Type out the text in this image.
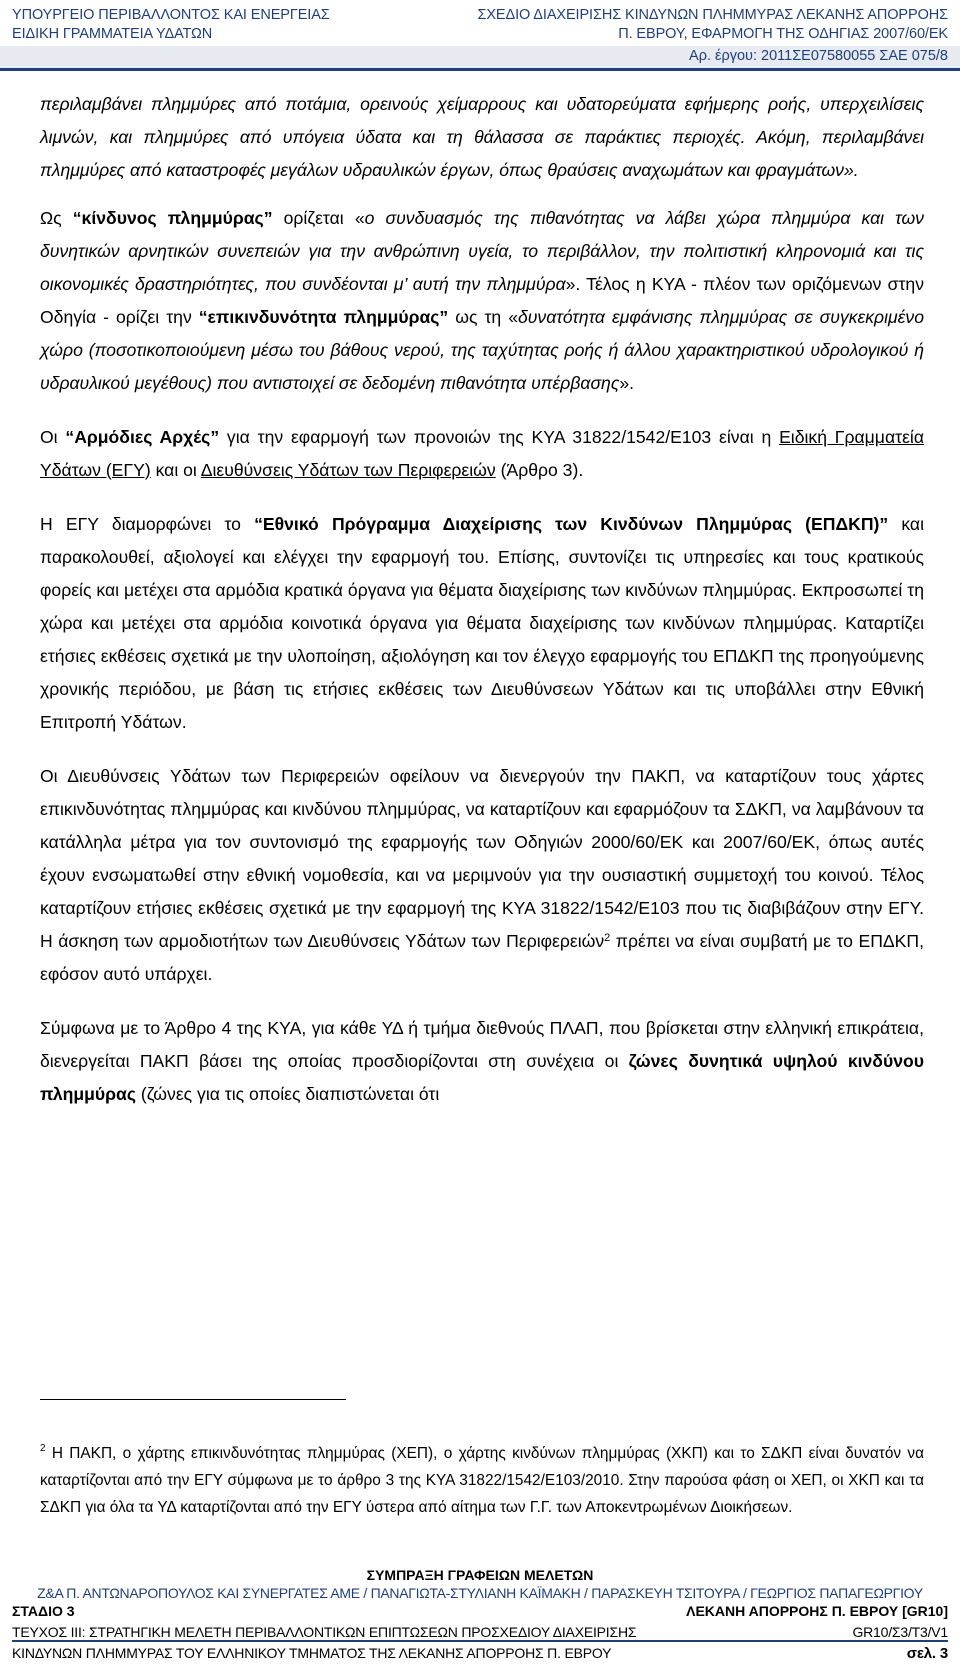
ΥΠΟΥΡΓΕΙΟ ΠΕΡΙΒΑΛΛΟΝΤΟΣ ΚΑΙ ΕΝΕΡΓΕΙΑΣ	ΣΧΕΔΙΟ ΔΙΑΧΕΙΡΙΣΗΣ ΚΙΝΔΥΝΩΝ ΠΛΗΜΜΥΡΑΣ ΛΕΚΑΝΗΣ ΑΠΟΡΡΟΗΣ
ΕΙΔΙΚΗ ΓΡΑΜΜΑΤΕΙΑ ΥΔΑΤΩΝ	Π. ΕΒΡΟΥ, ΕΦΑΡΜΟΓΗ ΤΗΣ ΟΔΗΓΙΑΣ 2007/60/ΕΚ
Αρ. έργου: 2011ΣΕ07580055 ΣΑΕ 075/8

περιλαμβάνει πλημμύρες από ποτάμια, ορεινούς χείμαρρους και υδατορεύματα εφήμερης ροής, υπερχειλίσεις λιμνών, και πλημμύρες από υπόγεια ύδατα και τη θάλασσα σε παράκτιες περιοχές. Ακόμη, περιλαμβάνει πλημμύρες από καταστροφές μεγάλων υδραυλικών έργων, όπως θραύσεις αναχωμάτων και φραγμάτων».

Ως “κίνδυνος πλημμύρας” ορίζεται «ο συνδυασμός της πιθανότητας να λάβει χώρα πλημμύρα και των δυνητικών αρνητικών συνεπειών για την ανθρώπινη υγεία, το περιβάλλον, την πολιτιστική κληρονομιά και τις οικονομικές δραστηριότητες, που συνδέονται μ’ αυτή την πλημμύρα». Τέλος η ΚΥΑ - πλέον των οριζόμενων στην Οδηγία - ορίζει την “επικινδυνότητα πλημμύρας” ως τη «δυνατότητα εμφάνισης πλημμύρας σε συγκεκριμένο χώρο (ποσοτικοποιούμενη μέσω του βάθους νερού, της ταχύτητας ροής ή άλλου χαρακτηριστικού υδρολογικού ή υδραυλικού μεγέθους) που αντιστοιχεί σε δεδομένη πιθανότητα υπέρβασης».

Οι “Αρμόδιες Αρχές” για την εφαρμογή των προνοιών της ΚΥΑ 31822/1542/Ε103 είναι η Ειδική Γραμματεία Υδάτων (ΕΓΥ) και οι Διευθύνσεις Υδάτων των Περιφερειών (Άρθρο 3).

Η ΕΓΥ διαμορφώνει το “Εθνικό Πρόγραμμα Διαχείρισης των Κινδύνων Πλημμύρας (ΕΠΔΚΠ)” και παρακολουθεί, αξιολογεί και ελέγχει την εφαρμογή του. Επίσης, συντονίζει τις υπηρεσίες και τους κρατικούς φορείς και μετέχει στα αρμόδια κρατικά όργανα για θέματα διαχείρισης των κινδύνων πλημμύρας. Εκπροσωπεί τη χώρα και μετέχει στα αρμόδια κοινοτικά όργανα για θέματα διαχείρισης των κινδύνων πλημμύρας. Καταρτίζει ετήσιες εκθέσεις σχετικά με την υλοποίηση, αξιολόγηση και τον έλεγχο εφαρμογής του ΕΠΔΚΠ της προηγούμενης χρονικής περιόδου, με βάση τις ετήσιες εκθέσεις των Διευθύνσεων Υδάτων και τις υποβάλλει στην Εθνική Επιτροπή Υδάτων.

Οι Διευθύνσεις Υδάτων των Περιφερειών οφείλουν να διενεργούν την ΠΑΚΠ, να καταρτίζουν τους χάρτες επικινδυνότητας πλημμύρας και κινδύνου πλημμύρας, να καταρτίζουν και εφαρμόζουν τα ΣΔΚΠ, να λαμβάνουν τα κατάλληλα μέτρα για τον συντονισμό της εφαρμογής των Οδηγιών 2000/60/ΕΚ και 2007/60/ΕΚ, όπως αυτές έχουν ενσωματωθεί στην εθνική νομοθεσία, και να μεριμνούν για την ουσιαστική συμμετοχή του κοινού. Τέλος καταρτίζουν ετήσιες εκθέσεις σχετικά με την εφαρμογή της ΚΥΑ 31822/1542/Ε103 που τις διαβιβάζουν στην ΕΓΥ. Η άσκηση των αρμοδιοτήτων των Διευθύνσεις Υδάτων των Περιφερειών$^2$ πρέπει να είναι συμβατή με το ΕΠΔΚΠ, εφόσον αυτό υπάρχει.

Σύμφωνα με το Άρθρο 4 της ΚΥΑ, για κάθε ΥΔ ή τμήμα διεθνούς ΠΛΑΠ, που βρίσκεται στην ελληνική επικράτεια, διενεργείται ΠΑΚΠ βάσει της οποίας προσδιορίζονται στη συνέχεια οι ζώνες δυνητικά υψηλού κινδύνου πλημμύρας (ζώνες για τις οποίες διαπιστώνεται ότι

$^2$ Η ΠΑΚΠ, ο χάρτης επικινδυνότητας πλημμύρας (ΧΕΠ), ο χάρτης κινδύνων πλημμύρας (ΧΚΠ) και το ΣΔΚΠ είναι δυνατόν να καταρτίζονται από την ΕΓΥ σύμφωνα με το άρθρο 3 της ΚΥΑ 31822/1542/Ε103/2010. Στην παρούσα φάση οι ΧΕΠ, οι ΧΚΠ και τα ΣΔΚΠ για όλα τα ΥΔ καταρτίζονται από την ΕΓΥ ύστερα από αίτημα των Γ.Γ. των Αποκεντρωμένων Διοικήσεων.
ΣΥΜΠΡΑΞΗ ΓΡΑΦΕΙΩΝ ΜΕΛΕΤΩΝ
Z&A Π. ΑΝΤΩΝΑΡΟΠΟΥΛΟΣ ΚΑΙ ΣΥΝΕΡΓΑΤΕΣ ΑΜΕ / ΠΑΝΑΓΙΩΤΑ-ΣΤΥΛΙΑΝΗ ΚΑΪΜΑΚΗ / ΠΑΡΑΣΚΕΥΗ ΤΣΙΤΟΥΡΑ / ΓΕΩΡΓΙΟΣ ΠΑΠΑΓΕΩΡΓΙΟΥ
ΣΤΑΔΙΟ 3	ΛΕΚΑΝΗ ΑΠΟΡΡΟΗΣ Π. ΕΒΡΟΥ [GR10]
ΤΕΥΧΟΣ III: ΣΤΡΑΤΗΓΙΚΗ ΜΕΛΕΤΗ ΠΕΡΙΒΑΛΛΟΝΤΙΚΩΝ ΕΠΙΠΤΩΣΕΩΝ ΠΡΟΣΧΕΔΙΟΥ ΔΙΑΧΕΙΡΙΣΗΣ	GR10/Σ3/Τ3/V1
ΚΙΝΔΥΝΩΝ ΠΛΗΜΜΥΡΑΣ ΤΟΥ ΕΛΛΗΝΙΚΟΥ ΤΜΗΜΑΤΟΣ ΤΗΣ ΛΕΚΑΝΗΣ ΑΠΟΡΡΟΗΣ Π. ΕΒΡΟΥ	σελ. 3
